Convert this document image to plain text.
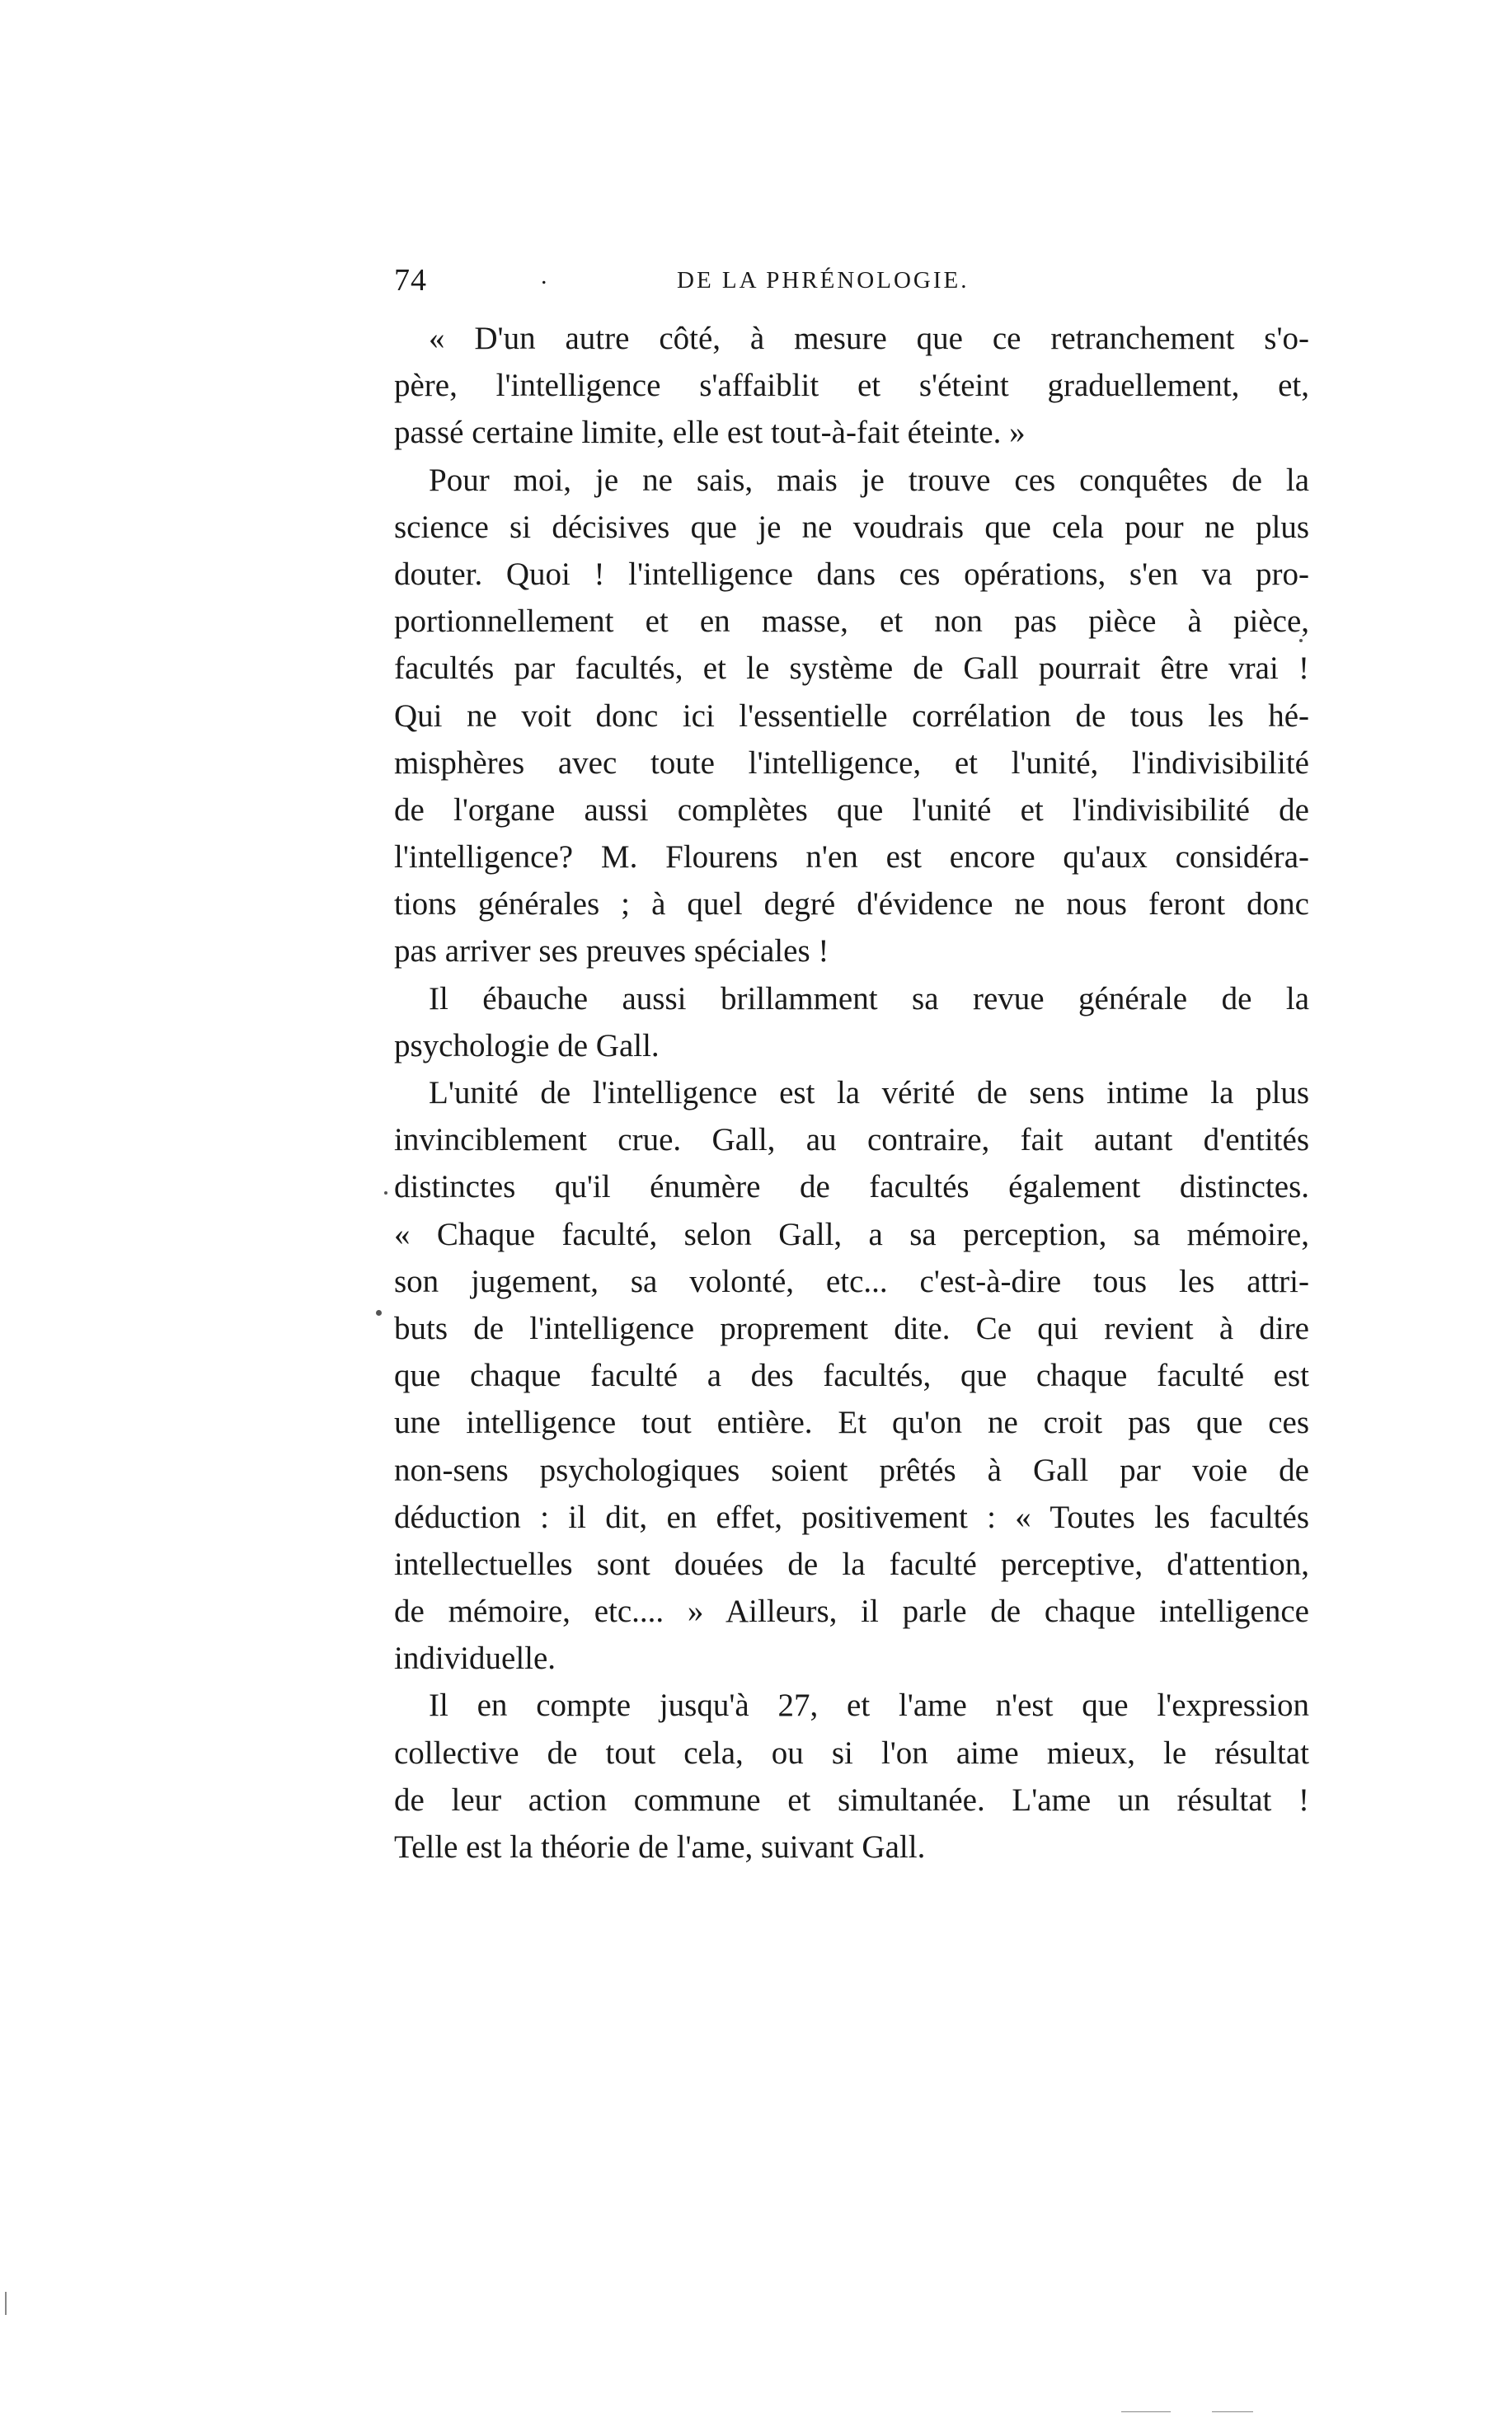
74	.	DE LA PHRÉNOLOGIE.
« D'un autre côté, à mesure que ce retranchement s'o-
père, l'intelligence s'affaiblit et s'éteint graduellement, et,
passé certaine limite, elle est tout-à-fait éteinte. »
Pour moi, je ne sais, mais je trouve ces conquêtes de la
science si décisives que je ne voudrais que cela pour ne plus
douter. Quoi ! l'intelligence dans ces opérations, s'en va pro-
portionnellement et en masse, et non pas pièce à pièce,
facultés par facultés, et le système de Gall pourrait être vrai !
Qui ne voit donc ici l'essentielle corrélation de tous les hé-
misphères avec toute l'intelligence, et l'unité, l'indivisibilité
de l'organe aussi complètes que l'unité et l'indivisibilité de
l'intelligence? M. Flourens n'en est encore qu'aux considéra-
tions générales ; à quel degré d'évidence ne nous feront donc
pas arriver ses preuves spéciales !
Il ébauche aussi brillamment sa revue générale de la
psychologie de Gall.
L'unité de l'intelligence est la vérité de sens intime la plus
invinciblement crue. Gall, au contraire, fait autant d'entités
distinctes qu'il énumère de facultés également distinctes.
« Chaque faculté, selon Gall, a sa perception, sa mémoire,
son jugement, sa volonté, etc... c'est-à-dire tous les attri-
buts de l'intelligence proprement dite. Ce qui revient à dire
que chaque faculté a des facultés, que chaque faculté est
une intelligence tout entière. Et qu'on ne croit pas que ces
non-sens psychologiques soient prêtés à Gall par voie de
déduction : il dit, en effet, positivement : « Toutes les facultés
intellectuelles sont douées de la faculté perceptive, d'attention,
de mémoire, etc.... » Ailleurs, il parle de chaque intelligence
individuelle.
Il en compte jusqu'à 27, et l'ame n'est que l'expression
collective de tout cela, ou si l'on aime mieux, le résultat
de leur action commune et simultanée. L'ame un résultat !
Telle est la théorie de l'ame, suivant Gall.
